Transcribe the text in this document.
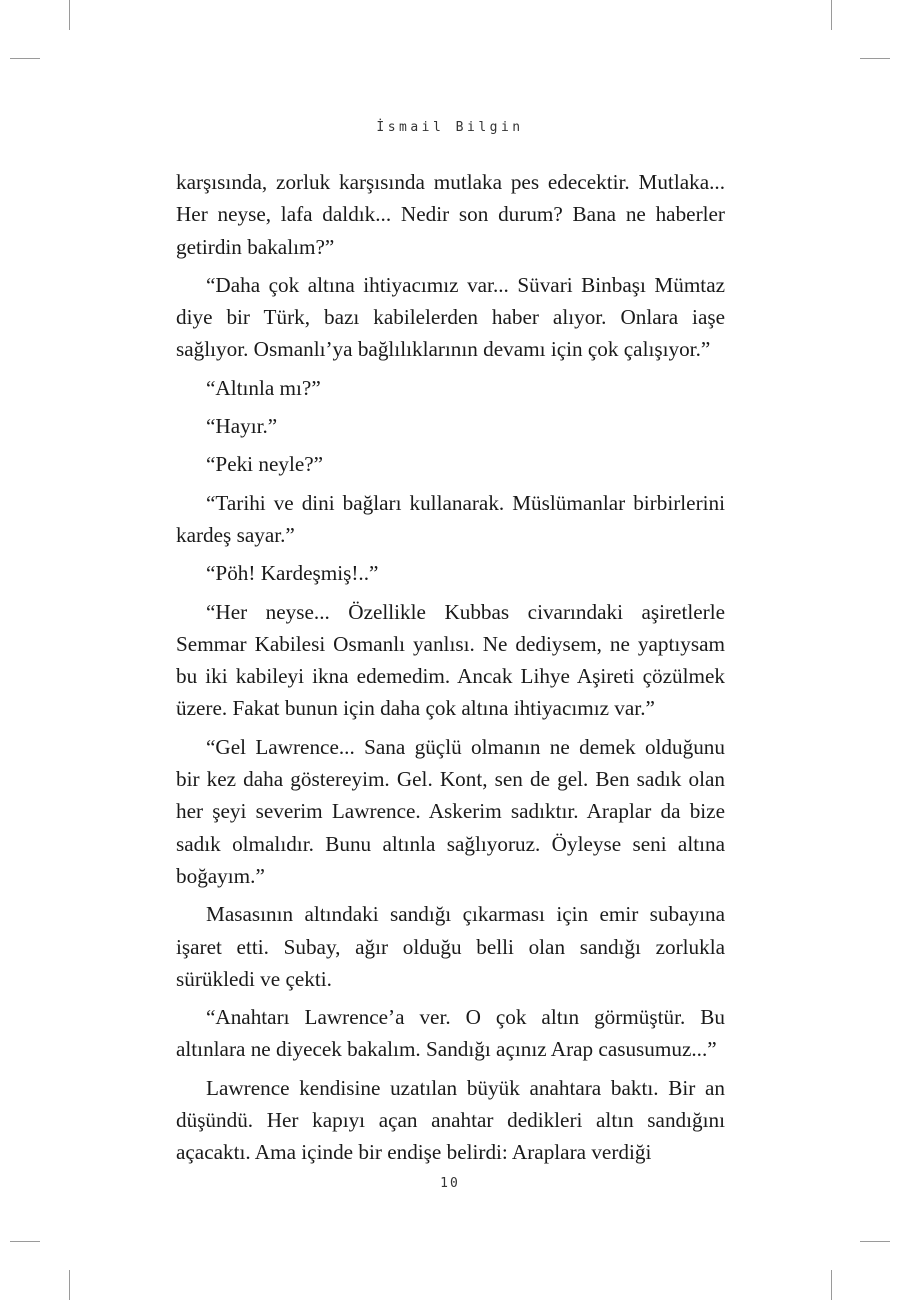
İsmail Bilgin

karşısında, zorluk karşısında mutlaka pes edecektir. Mutlaka... Her neyse, lafa daldık... Nedir son durum? Bana ne haberler getirdin bakalım?”

“Daha çok altına ihtiyacımız var... Süvari Binbaşı Mümtaz diye bir Türk, bazı kabilelerden haber alıyor. Onlara iaşe sağlıyor. Osmanlı’ya bağlılıklarının devamı için çok çalışıyor.”

“Altınla mı?”

“Hayır.”

“Peki neyle?”

“Tarihi ve dini bağları kullanarak. Müslümanlar birbirlerini kardeş sayar.”

“Pöh! Kardeşmiş!..”

“Her neyse... Özellikle Kubbas civarındaki aşiretlerle Semmar Kabilesi Osmanlı yanlısı. Ne dediysem, ne yaptıysam bu iki kabileyi ikna edemedim. Ancak Lihye Aşireti çözülmek üzere. Fakat bunun için daha çok altına ihtiyacımız var.”

“Gel Lawrence... Sana güçlü olmanın ne demek olduğunu bir kez daha göstereyim. Gel. Kont, sen de gel. Ben sadık olan her şeyi severim Lawrence. Askerim sadıktır. Araplar da bize sadık olmalıdır. Bunu altınla sağlıyoruz. Öyleyse seni altına boğayım.”

Masasının altındaki sandığı çıkarması için emir subayına işaret etti. Subay, ağır olduğu belli olan sandığı zorlukla sürükledi ve çekti.

“Anahtarı Lawrence’a ver. O çok altın görmüştür. Bu altınlara ne diyecek bakalım. Sandığı açınız Arap casusumuz...”

Lawrence kendisine uzatılan büyük anahtara baktı. Bir an düşündü. Her kapıyı açan anahtar dedikleri altın sandığını açacaktı. Ama içinde bir endişe belirdi: Araplara verdiği

10
